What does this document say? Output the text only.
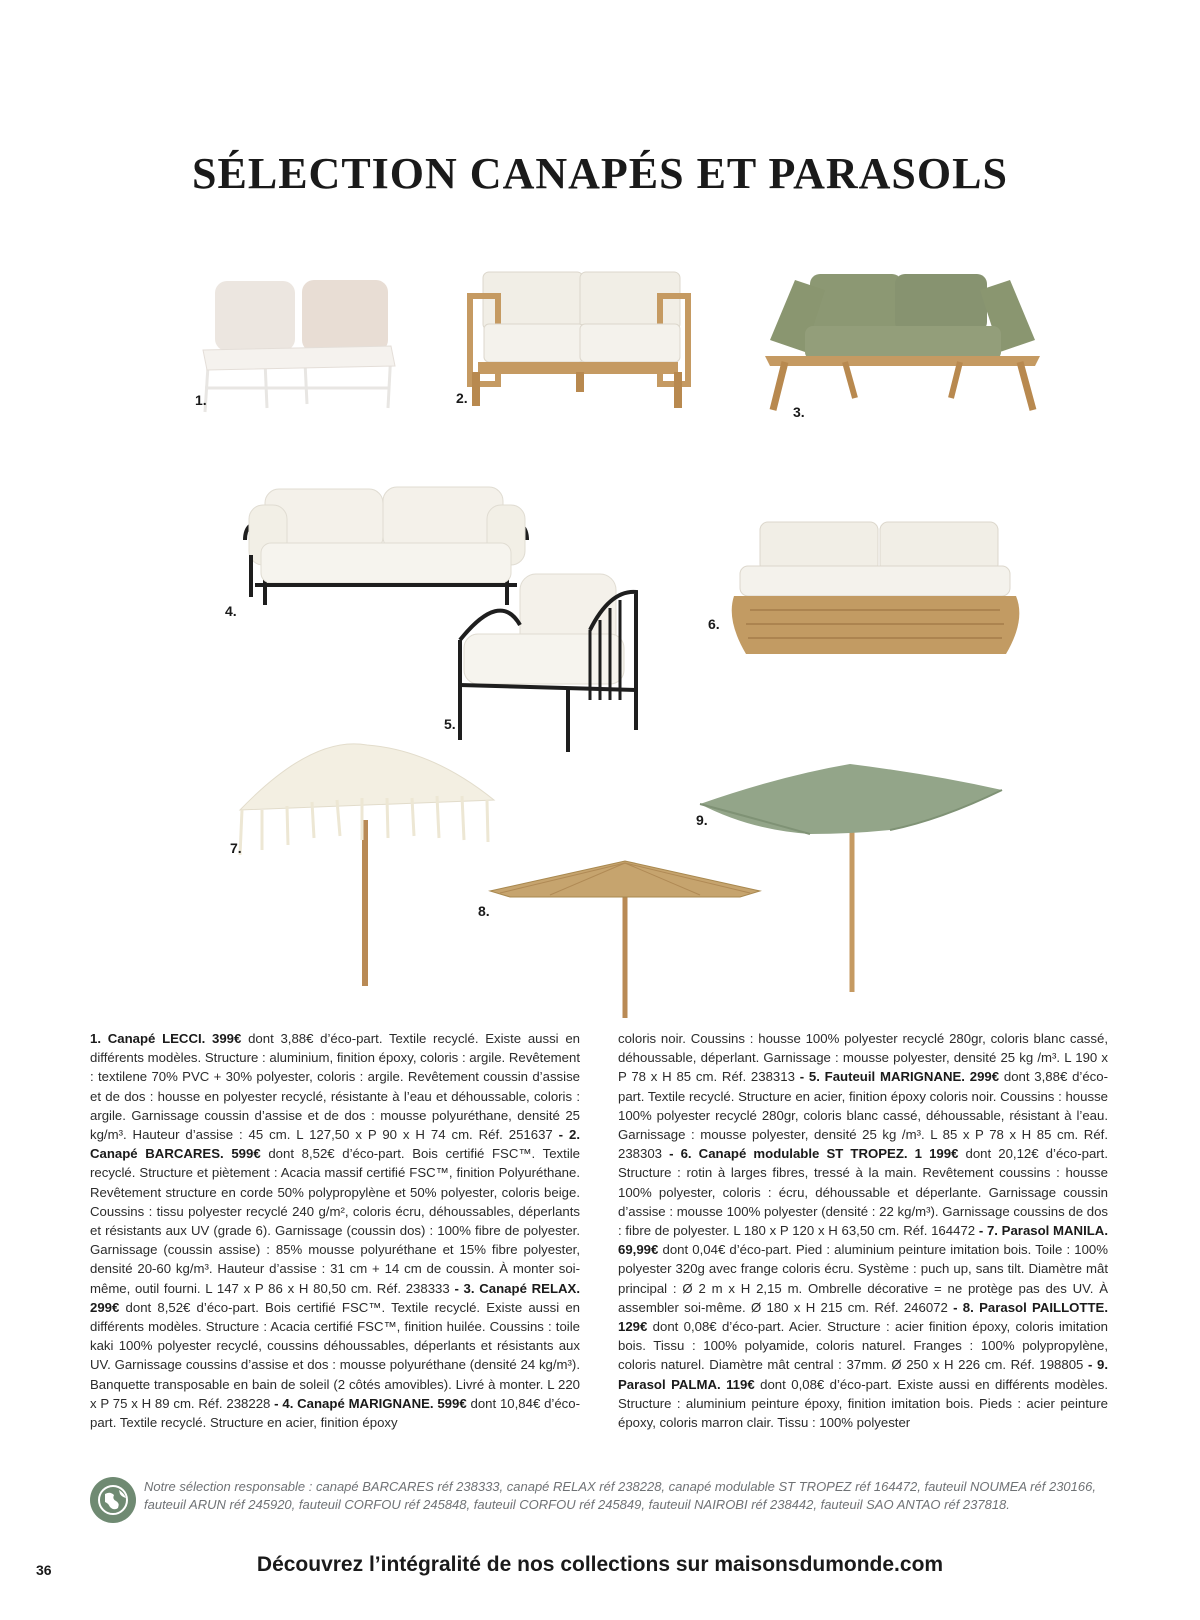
SÉLECTION CANAPÉS ET PARASOLS
1.	2.
3.
4.
5.
6.
7.
8.
9.

1. Canapé LECCI. 399€ dont 3,88€ d’éco-part. Textile recyclé. Existe aussi en différents modèles. Structure : aluminium, finition époxy, coloris : argile. Revêtement : textilene 70% PVC + 30% polyester, coloris : argile. Revêtement coussin d’assise et de dos : housse en polyester recyclé, résistante à l’eau et déhoussable, coloris : argile. Garnissage coussin d’assise et de dos : mousse polyuréthane, densité 25 kg/m³. Hauteur d’assise : 45 cm. L 127,50 x P 90 x H 74 cm. Réf. 251637 - 2. Canapé BARCARES. 599€ dont 8,52€ d’éco-part. Bois certifié FSC™. Textile recyclé. Structure et piètement : Acacia massif certifié FSC™, finition Polyuréthane. Revêtement structure en corde 50% polypropylène et 50% polyester, coloris beige. Coussins : tissu polyester recyclé 240 g/m², coloris écru, déhoussables, déperlants et résistants aux UV (grade 6). Garnissage (coussin dos) : 100% fibre de polyester. Garnissage (coussin assise) : 85% mousse polyuréthane et 15% fibre polyester, densité 20-60 kg/m³. Hauteur d’assise : 31 cm + 14 cm de coussin. À monter soi-même, outil fourni. L 147 x P 86 x H 80,50 cm. Réf. 238333 - 3. Canapé RELAX. 299€ dont 8,52€ d’éco-part. Bois certifié FSC™. Textile recyclé. Existe aussi en différents modèles. Structure : Acacia certifié FSC™, finition huilée. Coussins : toile kaki 100% polyester recyclé, coussins déhoussables, déperlants et résistants aux UV. Garnissage coussins d’assise et dos : mousse polyuréthane (densité 24 kg/m³). Banquette transposable en bain de soleil (2 côtés amovibles). Livré à monter. L 220 x P 75 x H 89 cm. Réf. 238228 - 4. Canapé MARIGNANE. 599€ dont 10,84€ d’éco-part. Textile recyclé. Structure en acier, finition époxy

coloris noir. Coussins : housse 100% polyester recyclé 280gr, coloris blanc cassé, déhoussable, déperlant. Garnissage : mousse polyester, densité 25 kg /m³. L 190 x P 78 x H 85 cm. Réf. 238313 - 5. Fauteuil MARIGNANE. 299€ dont 3,88€ d’éco-part. Textile recyclé. Structure en acier, finition époxy coloris noir. Coussins : housse 100% polyester recyclé 280gr, coloris blanc cassé, déhoussable, résistant à l’eau. Garnissage : mousse polyester, densité 25 kg /m³. L 85 x P 78 x H 85 cm. Réf. 238303 - 6. Canapé modulable ST TROPEZ. 1 199€ dont 20,12€ d’éco-part. Structure : rotin à larges fibres, tressé à la main. Revêtement coussins : housse 100% polyester, coloris : écru, déhoussable et déperlante. Garnissage coussin d’assise : mousse 100% polyester (densité : 22 kg/m³). Garnissage coussins de dos : fibre de polyester. L 180 x P 120 x H 63,50 cm. Réf. 164472 - 7. Parasol MANILA. 69,99€ dont 0,04€ d’éco-part. Pied : aluminium peinture imitation bois. Toile : 100% polyester 320g avec frange coloris écru. Système : puch up, sans tilt. Diamètre mât principal : Ø 2 m x H 2,15 m. Ombrelle décorative = ne protège pas des UV. À assembler soi-même. Ø 180 x H 215 cm. Réf. 246072 - 8. Parasol PAILLOTTE. 129€ dont 0,08€ d’éco-part. Acier. Structure : acier finition époxy, coloris imitation bois. Tissu : 100% polyamide, coloris naturel. Franges : 100% polypropylène, coloris naturel. Diamètre mât central : 37mm. Ø 250 x H 226 cm. Réf. 198805 - 9. Parasol PALMA. 119€ dont 0,08€ d’éco-part. Existe aussi en différents modèles. Structure : aluminium peinture époxy, finition imitation bois. Pieds : acier peinture époxy, coloris marron clair. Tissu : 100% polyester

Notre sélection responsable : canapé BARCARES réf 238333, canapé RELAX réf 238228, canapé modulable ST TROPEZ réf 164472, fauteuil NOUMEA réf 230166, fauteuil ARUN réf 245920, fauteuil CORFOU réf 245848, fauteuil CORFOU réf 245849, fauteuil NAIROBI réf 238442, fauteuil SAO ANTAO réf 237818.

36	Découvrez l’intégralité de nos collections sur maisonsdumonde.com
